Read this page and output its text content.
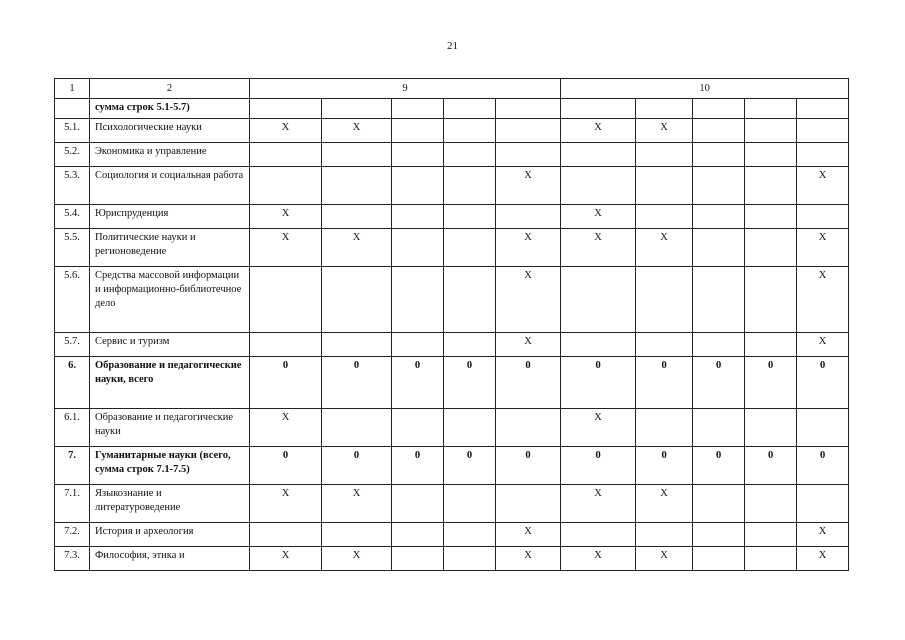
21
1	2	9					10				
	сумма строк 5.1-5.7)										
5.1.	Психологические науки	X	X				X	X			
5.2.	Экономика и управление										
5.3.	Социология и социальная работа					X					X
5.4.	Юриспруденция	X					X				
5.5.	Политические науки и регионоведение	X	X			X	X	X			X
5.6.	Средства массовой информации и информационно-библиотечное дело					X					X
5.7.	Сервис и туризм					X					X
6.	Образование и педагогические науки, всего	0	0	0	0	0	0	0	0	0	0
6.1.	Образование и педагогические науки	X					X				
7.	Гуманитарные науки (всего, сумма строк 7.1-7.5)	0	0	0	0	0	0	0	0	0	0
7.1.	Языкознание и литературоведение	X	X				X	X			
7.2.	История и археология					X					X
7.3.	Философия, этика и	X	X			X	X	X			X
